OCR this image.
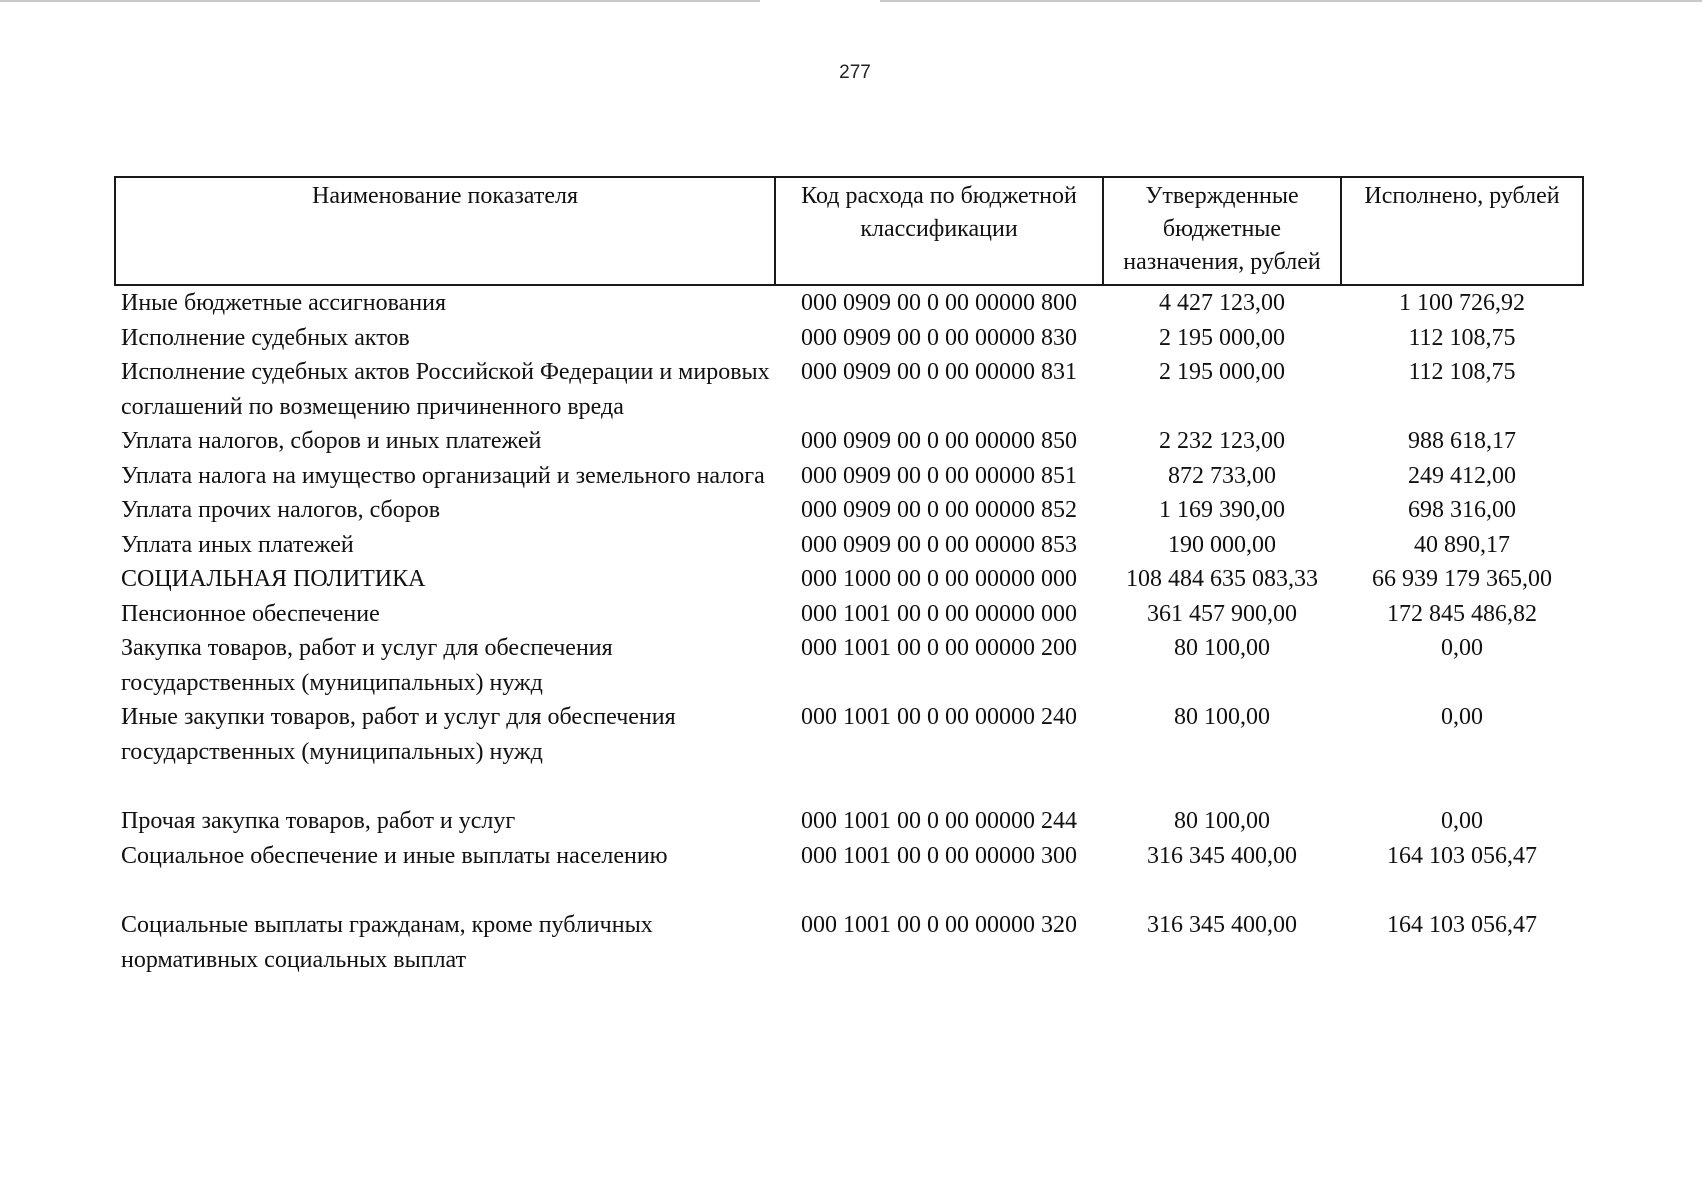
277
Наименование показателя	Код расхода по бюджетной классификации	Утвержденные бюджетные назначения, рублей	Исполнено, рублей
Иные бюджетные ассигнования	000 0909 00 0 00 00000 800	4 427 123,00	1 100 726,92
Исполнение судебных актов	000 0909 00 0 00 00000 830	2 195 000,00	112 108,75
Исполнение судебных актов Российской Федерации и мировых соглашений по возмещению причиненного вреда	000 0909 00 0 00 00000 831	2 195 000,00	112 108,75
Уплата налогов, сборов и иных платежей	000 0909 00 0 00 00000 850	2 232 123,00	988 618,17
Уплата налога на имущество организаций и земельного налога	000 0909 00 0 00 00000 851	872 733,00	249 412,00
Уплата прочих налогов, сборов	000 0909 00 0 00 00000 852	1 169 390,00	698 316,00
Уплата иных платежей	000 0909 00 0 00 00000 853	190 000,00	40 890,17
СОЦИАЛЬНАЯ ПОЛИТИКА	000 1000 00 0 00 00000 000	108 484 635 083,33	66 939 179 365,00
Пенсионное обеспечение	000 1001 00 0 00 00000 000	361 457 900,00	172 845 486,82
Закупка товаров, работ и услуг для обеспечения государственных (муниципальных) нужд	000 1001 00 0 00 00000 200	80 100,00	0,00
Иные закупки товаров, работ и услуг для обеспечения государственных (муниципальных) нужд	000 1001 00 0 00 00000 240	80 100,00	0,00
Прочая закупка товаров, работ и услуг	000 1001 00 0 00 00000 244	80 100,00	0,00
Социальное обеспечение и иные выплаты населению	000 1001 00 0 00 00000 300	316 345 400,00	164 103 056,47
Социальные выплаты гражданам, кроме публичных нормативных социальных выплат	000 1001 00 0 00 00000 320	316 345 400,00	164 103 056,47
